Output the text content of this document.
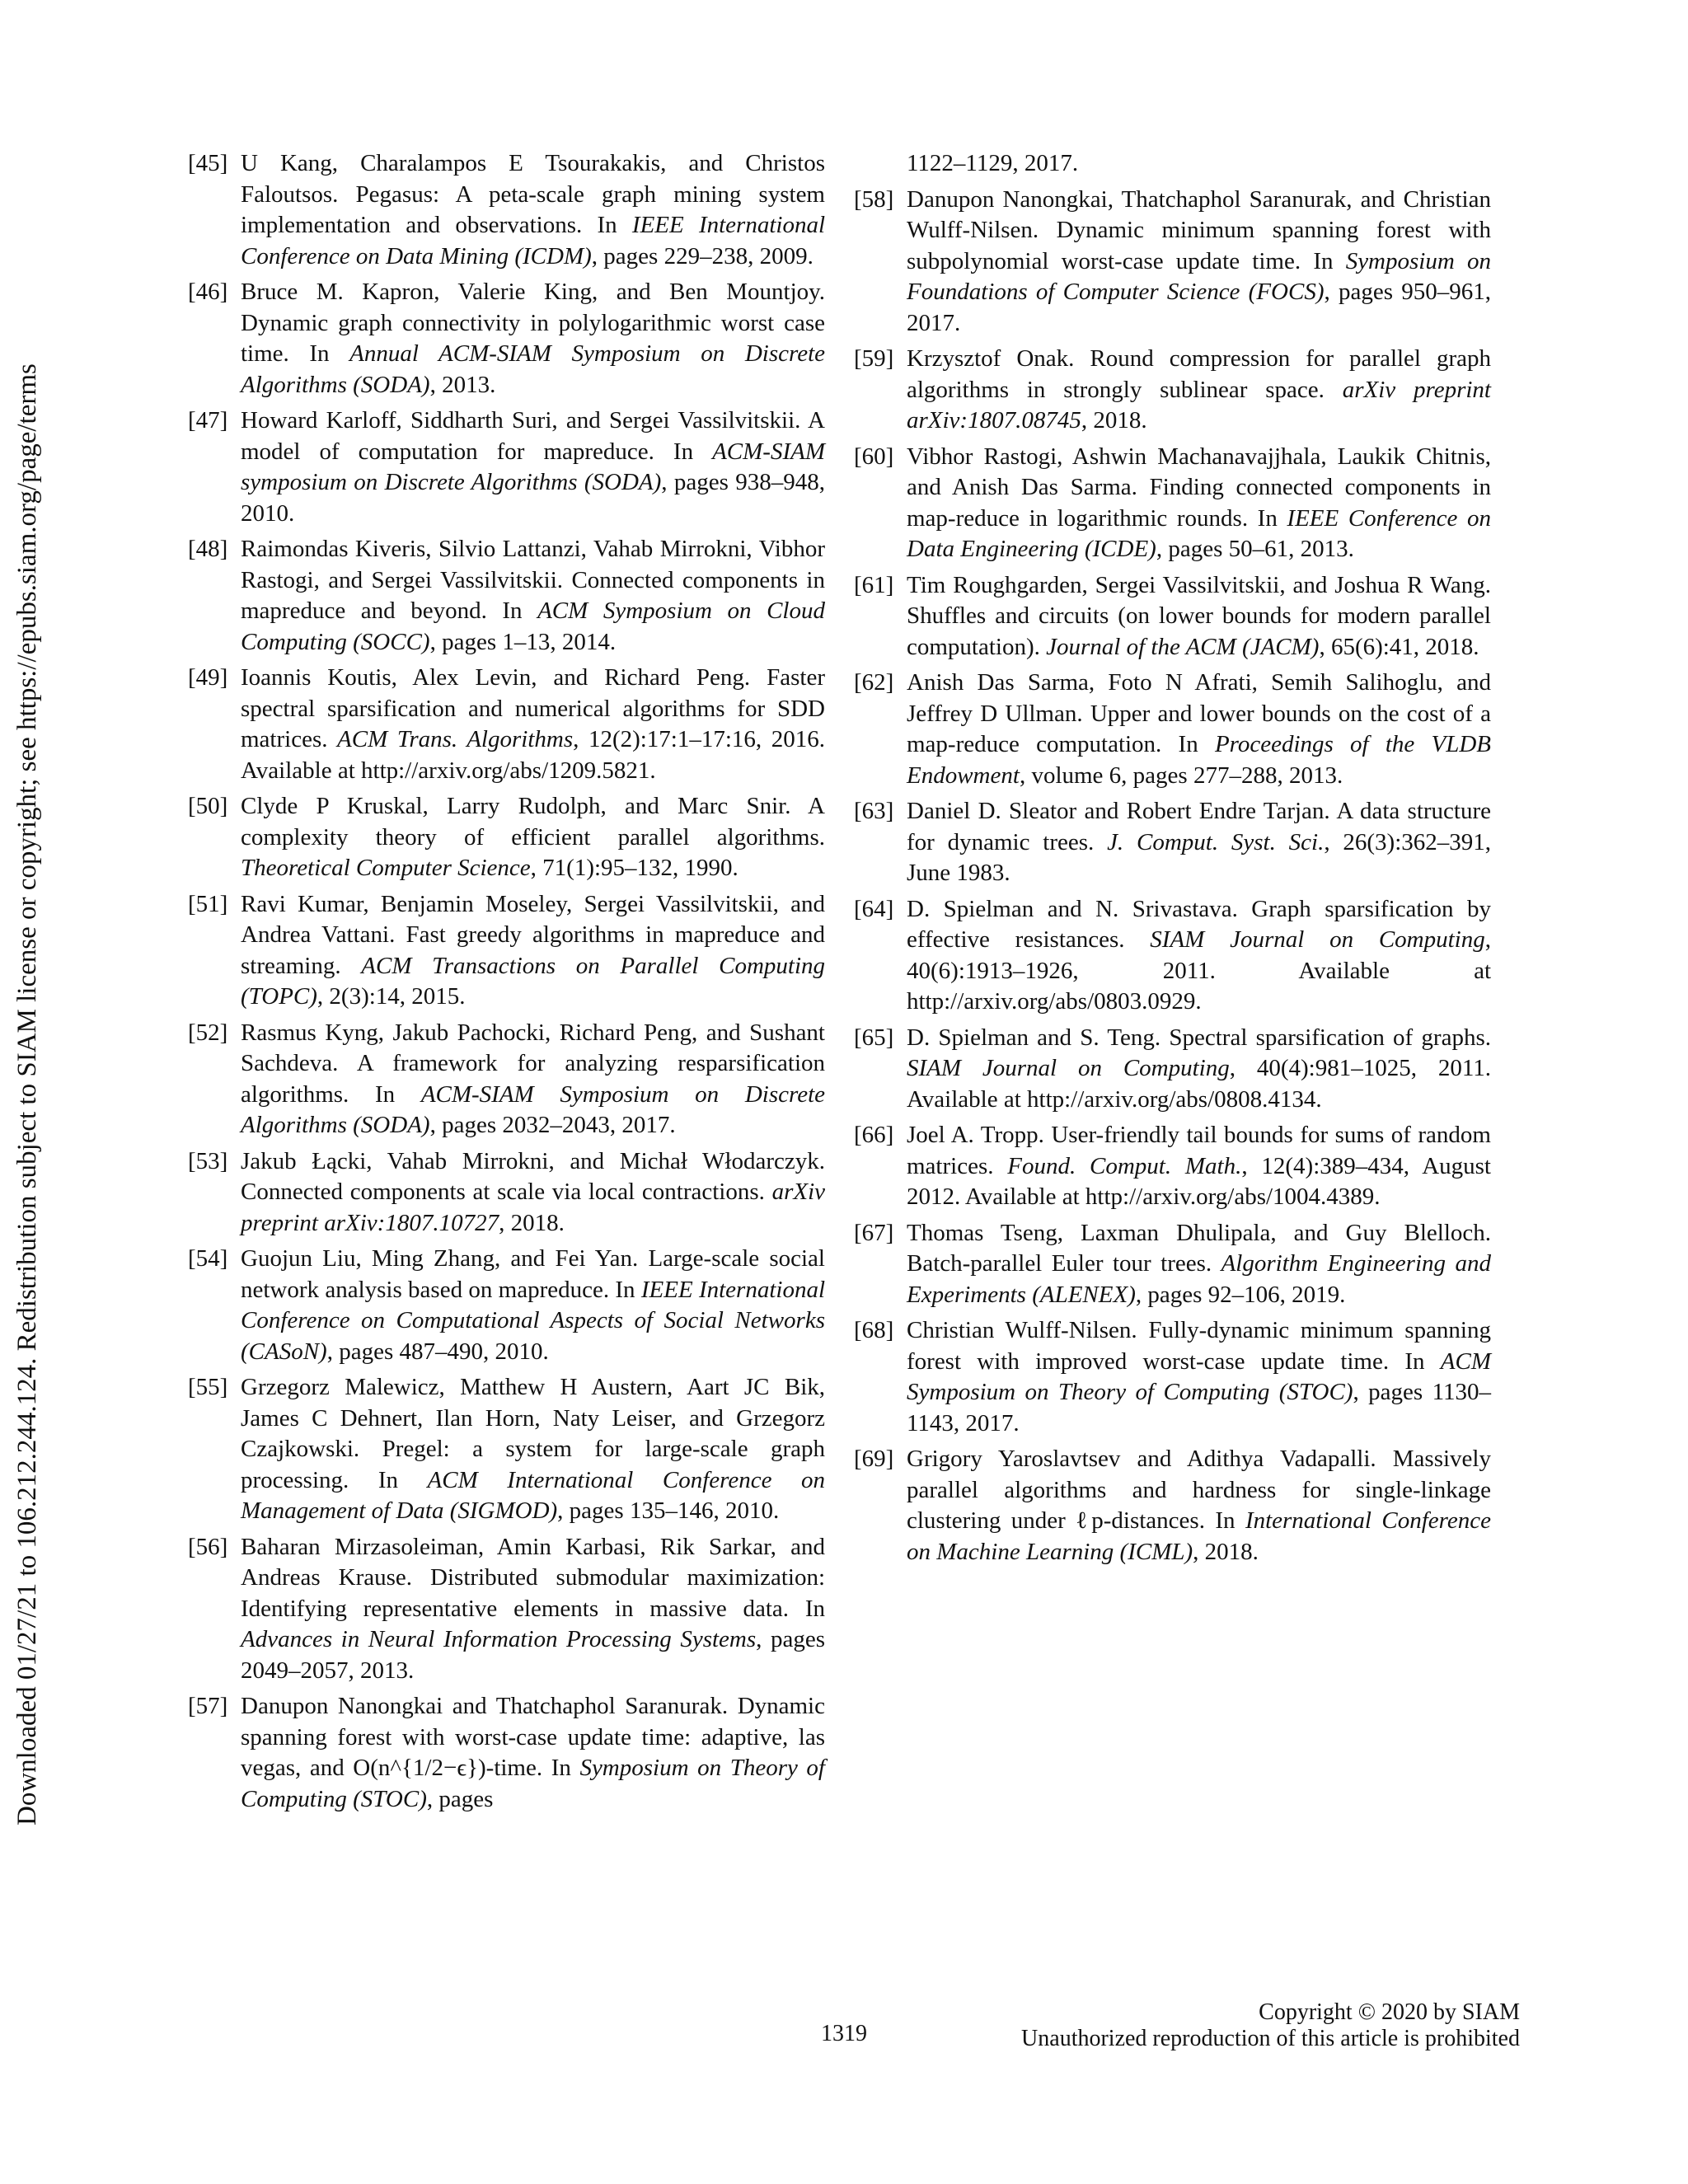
Downloaded 01/27/21 to 106.212.244.124. Redistribution subject to SIAM license or copyright; see https://epubs.siam.org/page/terms
[45] U Kang, Charalampos E Tsourakakis, and Christos Faloutsos. Pegasus: A peta-scale graph mining system implementation and observations. In IEEE International Conference on Data Mining (ICDM), pages 229–238, 2009.
[46] Bruce M. Kapron, Valerie King, and Ben Mountjoy. Dynamic graph connectivity in polylogarithmic worst case time. In Annual ACM-SIAM Symposium on Discrete Algorithms (SODA), 2013.
[47] Howard Karloff, Siddharth Suri, and Sergei Vassilvitskii. A model of computation for mapreduce. In ACM-SIAM symposium on Discrete Algorithms (SODA), pages 938–948, 2010.
[48] Raimondas Kiveris, Silvio Lattanzi, Vahab Mirrokni, Vibhor Rastogi, and Sergei Vassilvitskii. Connected components in mapreduce and beyond. In ACM Symposium on Cloud Computing (SOCC), pages 1–13, 2014.
[49] Ioannis Koutis, Alex Levin, and Richard Peng. Faster spectral sparsification and numerical algorithms for SDD matrices. ACM Trans. Algorithms, 12(2):17:1–17:16, 2016. Available at http://arxiv.org/abs/1209.5821.
[50] Clyde P Kruskal, Larry Rudolph, and Marc Snir. A complexity theory of efficient parallel algorithms. Theoretical Computer Science, 71(1):95–132, 1990.
[51] Ravi Kumar, Benjamin Moseley, Sergei Vassilvitskii, and Andrea Vattani. Fast greedy algorithms in mapreduce and streaming. ACM Transactions on Parallel Computing (TOPC), 2(3):14, 2015.
[52] Rasmus Kyng, Jakub Pachocki, Richard Peng, and Sushant Sachdeva. A framework for analyzing resparsification algorithms. In ACM-SIAM Symposium on Discrete Algorithms (SODA), pages 2032–2043, 2017.
[53] Jakub Łącki, Vahab Mirrokni, and Michał Włodarczyk. Connected components at scale via local contractions. arXiv preprint arXiv:1807.10727, 2018.
[54] Guojun Liu, Ming Zhang, and Fei Yan. Large-scale social network analysis based on mapreduce. In IEEE International Conference on Computational Aspects of Social Networks (CASoN), pages 487–490, 2010.
[55] Grzegorz Malewicz, Matthew H Austern, Aart JC Bik, James C Dehnert, Ilan Horn, Naty Leiser, and Grzegorz Czajkowski. Pregel: a system for large-scale graph processing. In ACM International Conference on Management of Data (SIGMOD), pages 135–146, 2010.
[56] Baharan Mirzasoleiman, Amin Karbasi, Rik Sarkar, and Andreas Krause. Distributed submodular maximization: Identifying representative elements in massive data. In Advances in Neural Information Processing Systems, pages 2049–2057, 2013.
[57] Danupon Nanongkai and Thatchaphol Saranurak. Dynamic spanning forest with worst-case update time: adaptive, las vegas, and O(n^{1/2−ϵ})-time. In Symposium on Theory of Computing (STOC), pages
1122–1129, 2017.
[58] Danupon Nanongkai, Thatchaphol Saranurak, and Christian Wulff-Nilsen. Dynamic minimum spanning forest with subpolynomial worst-case update time. In Symposium on Foundations of Computer Science (FOCS), pages 950–961, 2017.
[59] Krzysztof Onak. Round compression for parallel graph algorithms in strongly sublinear space. arXiv preprint arXiv:1807.08745, 2018.
[60] Vibhor Rastogi, Ashwin Machanavajjhala, Laukik Chitnis, and Anish Das Sarma. Finding connected components in map-reduce in logarithmic rounds. In IEEE Conference on Data Engineering (ICDE), pages 50–61, 2013.
[61] Tim Roughgarden, Sergei Vassilvitskii, and Joshua R Wang. Shuffles and circuits (on lower bounds for modern parallel computation). Journal of the ACM (JACM), 65(6):41, 2018.
[62] Anish Das Sarma, Foto N Afrati, Semih Salihoglu, and Jeffrey D Ullman. Upper and lower bounds on the cost of a map-reduce computation. In Proceedings of the VLDB Endowment, volume 6, pages 277–288, 2013.
[63] Daniel D. Sleator and Robert Endre Tarjan. A data structure for dynamic trees. J. Comput. Syst. Sci., 26(3):362–391, June 1983.
[64] D. Spielman and N. Srivastava. Graph sparsification by effective resistances. SIAM Journal on Computing, 40(6):1913–1926, 2011. Available at http://arxiv.org/abs/0803.0929.
[65] D. Spielman and S. Teng. Spectral sparsification of graphs. SIAM Journal on Computing, 40(4):981–1025, 2011. Available at http://arxiv.org/abs/0808.4134.
[66] Joel A. Tropp. User-friendly tail bounds for sums of random matrices. Found. Comput. Math., 12(4):389–434, August 2012. Available at http://arxiv.org/abs/1004.4389.
[67] Thomas Tseng, Laxman Dhulipala, and Guy Blelloch. Batch-parallel Euler tour trees. Algorithm Engineering and Experiments (ALENEX), pages 92–106, 2019.
[68] Christian Wulff-Nilsen. Fully-dynamic minimum spanning forest with improved worst-case update time. In ACM Symposium on Theory of Computing (STOC), pages 1130–1143, 2017.
[69] Grigory Yaroslavtsev and Adithya Vadapalli. Massively parallel algorithms and hardness for single-linkage clustering under ℓp-distances. In International Conference on Machine Learning (ICML), 2018.
1319
Copyright © 2020 by SIAM
Unauthorized reproduction of this article is prohibited
